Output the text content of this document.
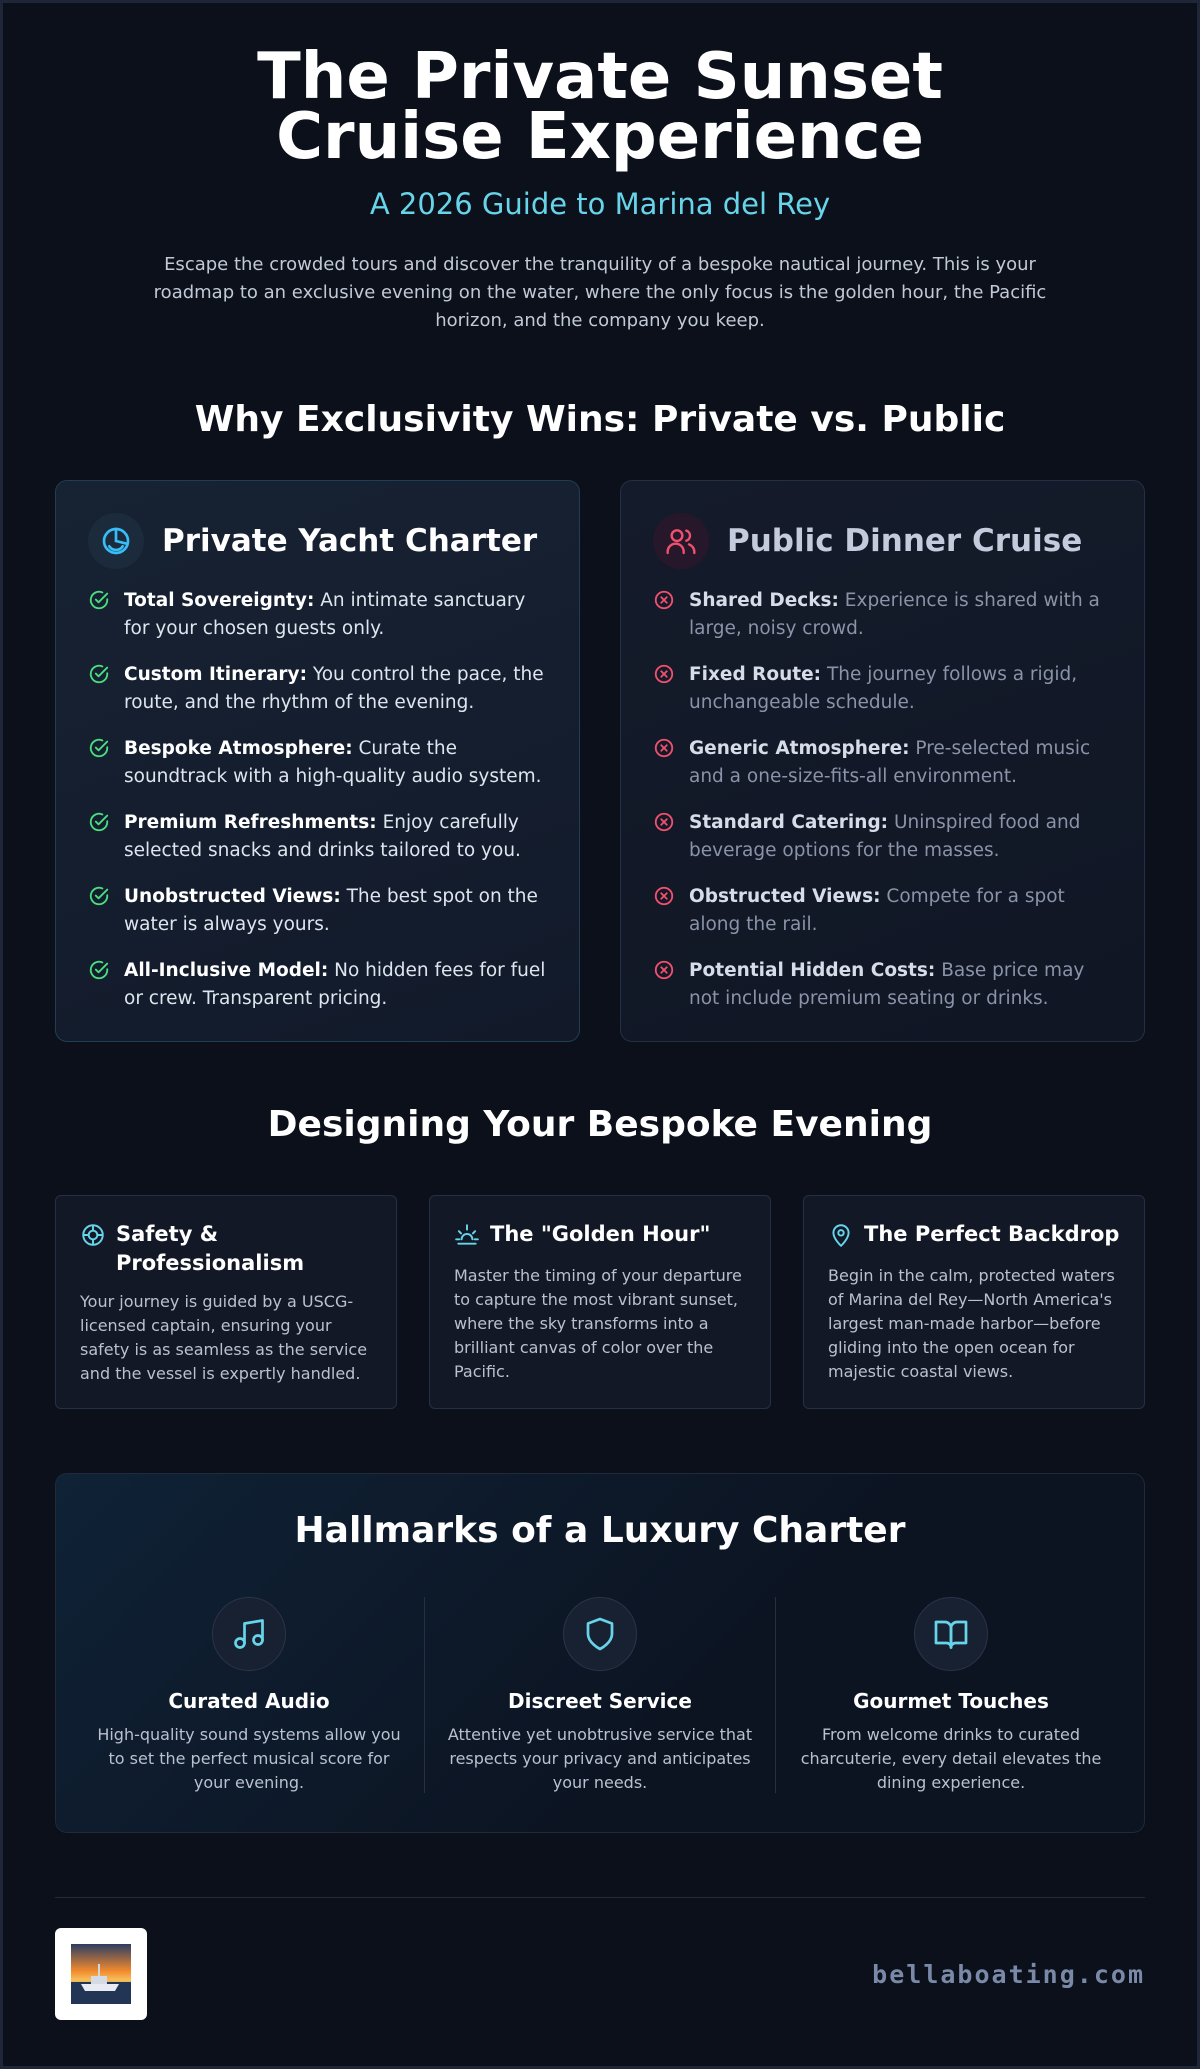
The Private Sunset Cruise Experience
A 2026 Guide to Marina del Rey

Escape the crowded tours and discover the tranquility of a bespoke nautical journey. This is your roadmap to an exclusive evening on the water, where the only focus is the golden hour, the Pacific horizon, and the company you keep.

Why Exclusivity Wins: Private vs. Public
Private Yacht Charter
Total Sovereignty: An intimate sanctuary for your chosen guests only.
Custom Itinerary: You control the pace, the route, and the rhythm of the evening.
Bespoke Atmosphere: Curate the soundtrack with a high-quality audio system.
Premium Refreshments: Enjoy carefully selected snacks and drinks tailored to you.
Unobstructed Views: The best spot on the water is always yours.
All-Inclusive Model: No hidden fees for fuel or crew. Transparent pricing.
Public Dinner Cruise
Shared Decks: Experience is shared with a large, noisy crowd.
Fixed Route: The journey follows a rigid, unchangeable schedule.
Generic Atmosphere: Pre-selected music and a one-size-fits-all environment.
Standard Catering: Uninspired food and beverage options for the masses.
Obstructed Views: Compete for a spot along the rail.
Potential Hidden Costs: Base price may not include premium seating or drinks.
Designing Your Bespoke Evening
Safety & Professionalism

Your journey is guided by a USCG-licensed captain, ensuring your safety is as seamless as the service and the vessel is expertly handled.

The "Golden Hour"

Master the timing of your departure to capture the most vibrant sunset, where the sky transforms into a brilliant canvas of color over the Pacific.

The Perfect Backdrop

Begin in the calm, protected waters of Marina del Rey—North America's largest man-made harbor—before gliding into the open ocean for majestic coastal views.

Hallmarks of a Luxury Charter
Curated Audio

High-quality sound systems allow you to set the perfect musical score for your evening.

Discreet Service

Attentive yet unobtrusive service that respects your privacy and anticipates your needs.

Gourmet Touches

From welcome drinks to curated charcuterie, every detail elevates the dining experience.

bellaboating.com
